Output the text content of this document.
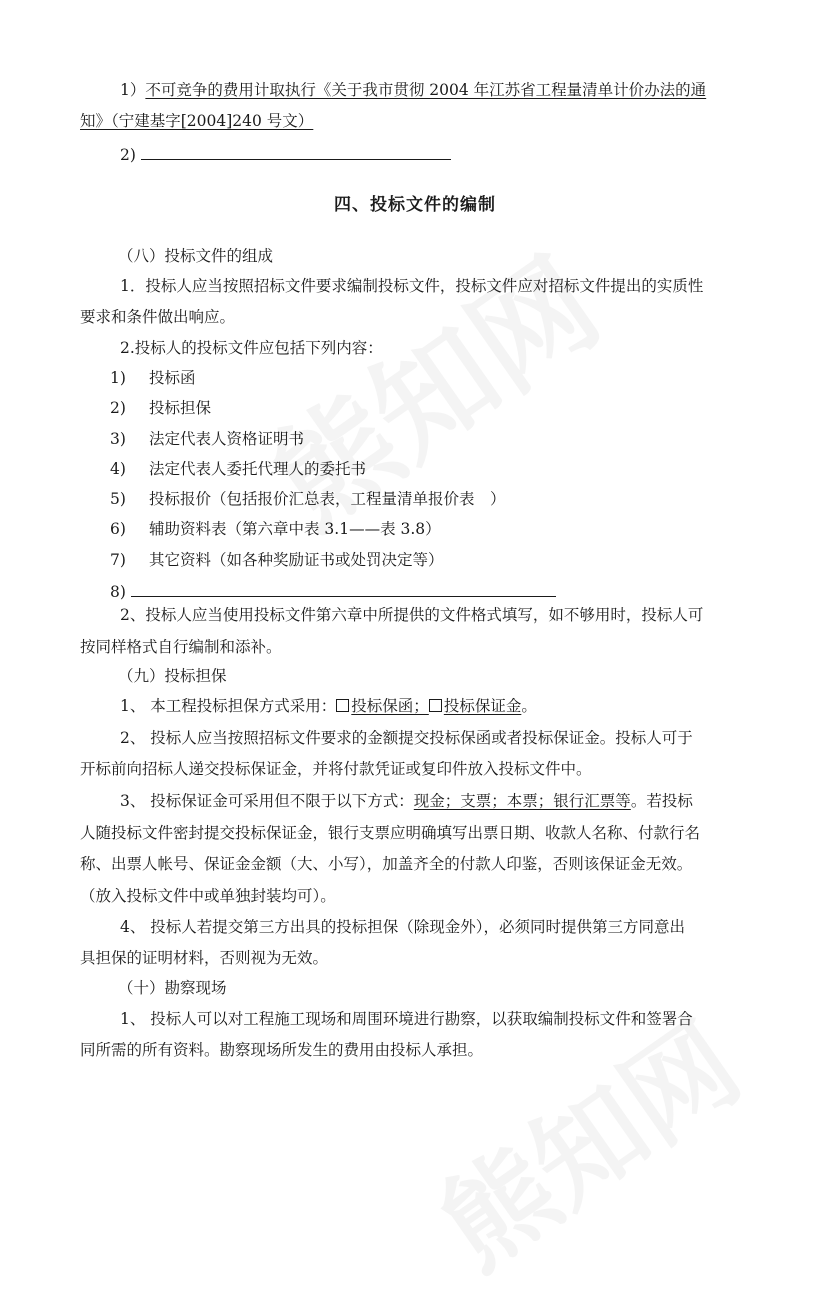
1）不可竞争的费用计取执行《关于我市贯彻 2004 年江苏省工程量清单计价办法的通
知》（宁建基字[2004]240 号文）
2)
四、投标文件的编制
（八）投标文件的组成
1．投标人应当按照招标文件要求编制投标文件，投标文件应对招标文件提出的实质性
要求和条件做出响应。
2.投标人的投标文件应包括下列内容：
1) 投标函
2) 投标担保
3) 法定代表人资格证明书
4) 法定代表人委托代理人的委托书
5) 投标报价（包括报价汇总表，工程量清单报价表　）
6) 辅助资料表（第六章中表 3.1——表 3.8）
7) 其它资料（如各种奖励证书或处罚决定等）
8)
2、投标人应当使用投标文件第六章中所提供的文件格式填写，如不够用时，投标人可
按同样格式自行编制和添补。
（九）投标担保
1、 本工程投标担保方式采用： 投标保函； 投标保证金。
2、 投标人应当按照招标文件要求的金额提交投标保函或者投标保证金。投标人可于
开标前向招标人递交投标保证金，并将付款凭证或复印件放入投标文件中。
3、 投标保证金可采用但不限于以下方式：现金；支票；本票；银行汇票等。若投标
人随投标文件密封提交投标保证金，银行支票应明确填写出票日期、收款人名称、付款行名
称、出票人帐号、保证金金额（大、小写），加盖齐全的付款人印鉴，否则该保证金无效。
（放入投标文件中或单独封装均可）。
4、 投标人若提交第三方出具的投标担保（除现金外），必须同时提供第三方同意出
具担保的证明材料，否则视为无效。
（十）勘察现场
1、 投标人可以对工程施工现场和周围环境进行勘察，以获取编制投标文件和签署合
同所需的所有资料。勘察现场所发生的费用由投标人承担。
